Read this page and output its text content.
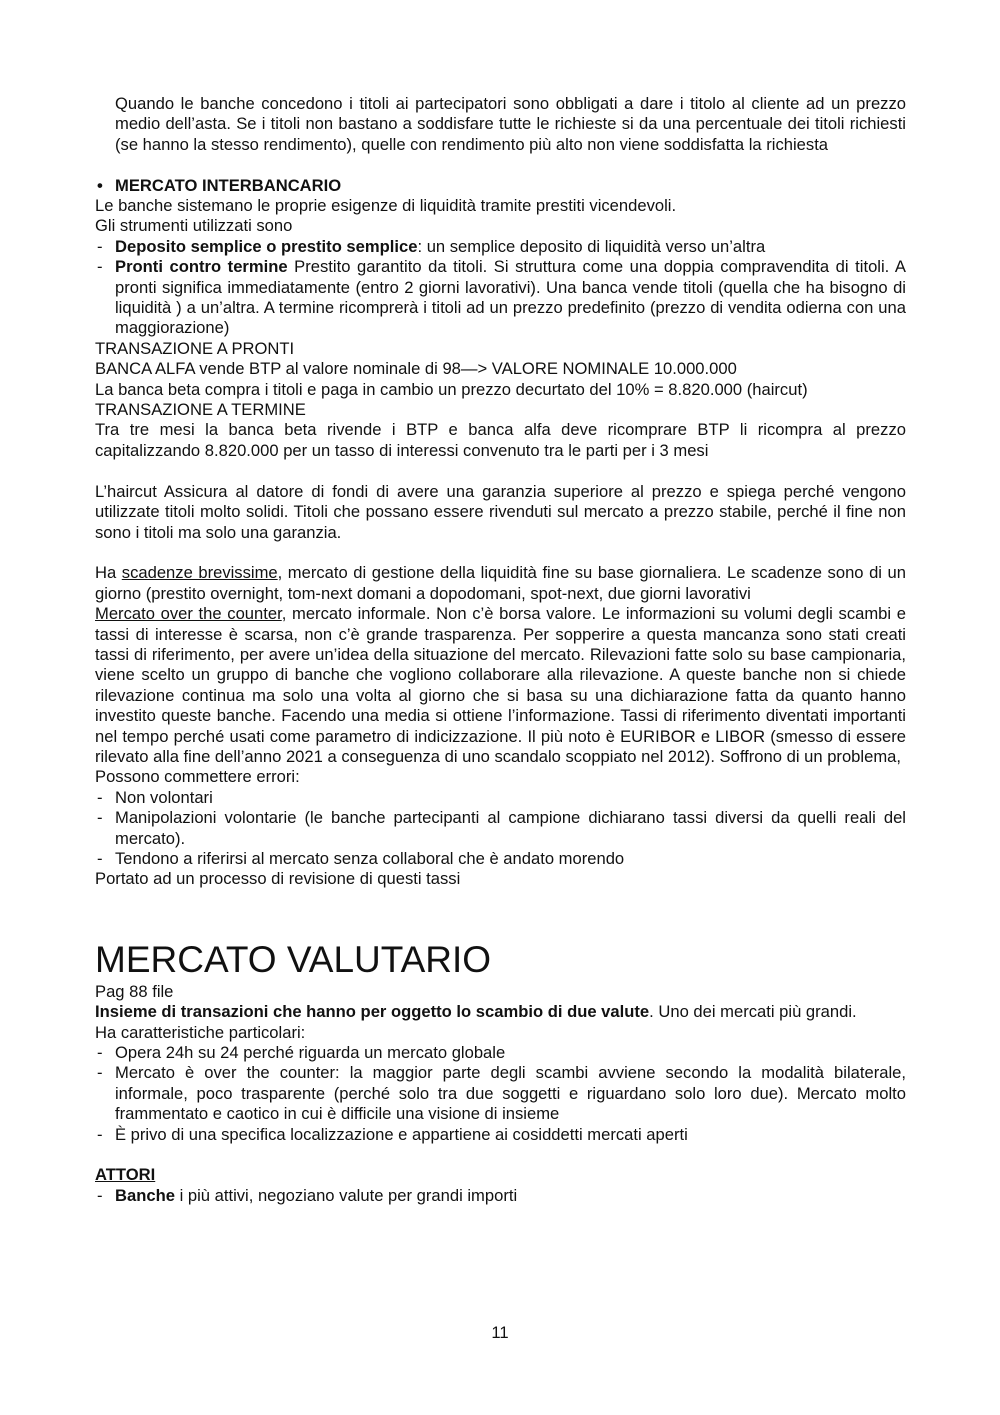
Quando le banche concedono i titoli ai partecipatori sono obbligati a dare i titolo al cliente ad un prezzo medio dell’asta. Se i titoli non bastano a soddisfare tutte le richieste si da una percentuale dei titoli richiesti (se hanno la stesso rendimento), quelle con rendimento più alto non viene soddisfatta la richiesta

• MERCATO INTERBANCARIO

Le banche sistemano le proprie esigenze di liquidità tramite prestiti vicendevoli.

Gli strumenti utilizzati sono

- Deposito semplice o prestito semplice: un semplice deposito di liquidità verso un’altra
- Pronti contro termine Prestito garantito da titoli. Si struttura come una doppia compravendita di titoli. A pronti significa immediatamente (entro 2 giorni lavorativi). Una banca vende titoli (quella che ha bisogno di liquidità ) a un’altra. A termine ricomprerà i titoli ad un prezzo predefinito (prezzo di vendita odierna con una maggiorazione)

TRANSAZIONE A PRONTI

BANCA ALFA vende BTP al valore nominale di 98—> VALORE NOMINALE 10.000.000

La banca beta compra i titoli e paga in cambio un prezzo decurtato del 10% = 8.820.000 (haircut)

TRANSAZIONE A TERMINE

Tra tre mesi la banca beta rivende i BTP e banca alfa deve ricomprare BTP li ricompra al prezzo capitalizzando 8.820.000 per un tasso di interessi convenuto tra le parti per i 3 mesi

L’haircut Assicura al datore di fondi di avere una garanzia superiore al prezzo e spiega perché vengono utilizzate titoli molto solidi. Titoli che possano essere rivenduti sul mercato a prezzo stabile, perché il fine non sono i titoli ma solo una garanzia.

Ha scadenze brevissime, mercato di gestione della liquidità fine su base giornaliera. Le scadenze sono di un giorno (prestito overnight, tom-next domani a dopodomani, spot-next, due giorni lavorativi

Mercato over the counter, mercato informale. Non c’è borsa valore. Le informazioni su volumi degli scambi e tassi di interesse è scarsa, non c’è grande trasparenza. Per sopperire a questa mancanza sono stati creati tassi di riferimento, per avere un’idea della situazione del mercato. Rilevazioni fatte solo su base campionaria, viene scelto un gruppo di banche che vogliono collaborare alla rilevazione. A queste banche non si chiede rilevazione continua ma solo una volta al giorno che si basa su una dichiarazione fatta da quanto hanno investito queste banche. Facendo una media si ottiene l’informazione. Tassi di riferimento diventati importanti nel tempo perché usati come parametro di indicizzazione. Il più noto è EURIBOR e LIBOR (smesso di essere rilevato alla fine dell’anno 2021 a conseguenza di uno scandalo scoppiato nel 2012). Soffrono di un problema,

Possono commettere errori:

- Non volontari
- Manipolazioni volontarie (le banche partecipanti al campione dichiarano tassi diversi da quelli reali del mercato).
- Tendono a riferirsi al mercato senza collaboral che è andato morendo

Portato ad un processo di revisione di questi tassi

MERCATO VALUTARIO

Pag 88 file

Insieme di transazioni che hanno per oggetto lo scambio di due valute. Uno dei mercati più grandi.

Ha caratteristiche particolari:

- Opera 24h su 24 perché riguarda un mercato globale
- Mercato è over the counter: la maggior parte degli scambi avviene secondo la modalità bilaterale, informale, poco trasparente (perché solo tra due soggetti e riguardano solo loro due). Mercato molto frammentato e caotico in cui è difficile una visione di insieme
- È privo di una specifica localizzazione e appartiene ai cosiddetti mercati aperti

ATTORI

- Banche i più attivi, negoziano valute per grandi importi
11
